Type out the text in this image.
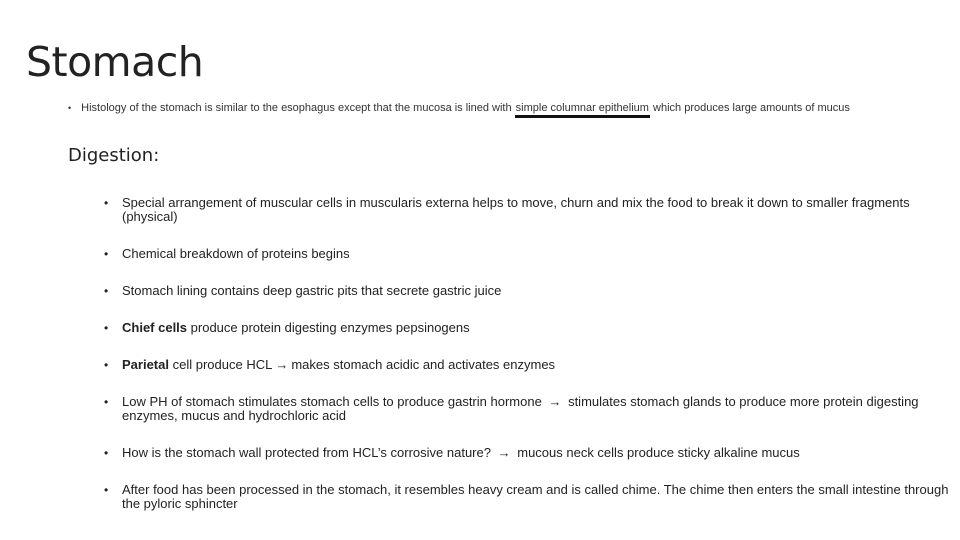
Stomach
• Histology of the stomach is similar to the esophagus except that the mucosa is lined with simple columnar epithelium which produces large amounts of mucus
Digestion:
• Special arrangement of muscular cells in muscularis externa helps to move, churn and mix the food to break it down to smaller fragments (physical)
• Chemical breakdown of proteins begins
• Stomach lining contains deep gastric pits that secrete gastric juice
• Chief cells produce protein digesting enzymes pepsinogens
• Parietal cell produce HCL → makes stomach acidic and activates enzymes
• Low PH of stomach stimulates stomach cells to produce gastrin hormone → stimulates stomach glands to produce more protein digesting enzymes, mucus and hydrochloric acid
• How is the stomach wall protected from HCL’s corrosive nature? → mucous neck cells produce sticky alkaline mucus
• After food has been processed in the stomach, it resembles heavy cream and is called chime. The chime then enters the small intestine through the pyloric sphincter
